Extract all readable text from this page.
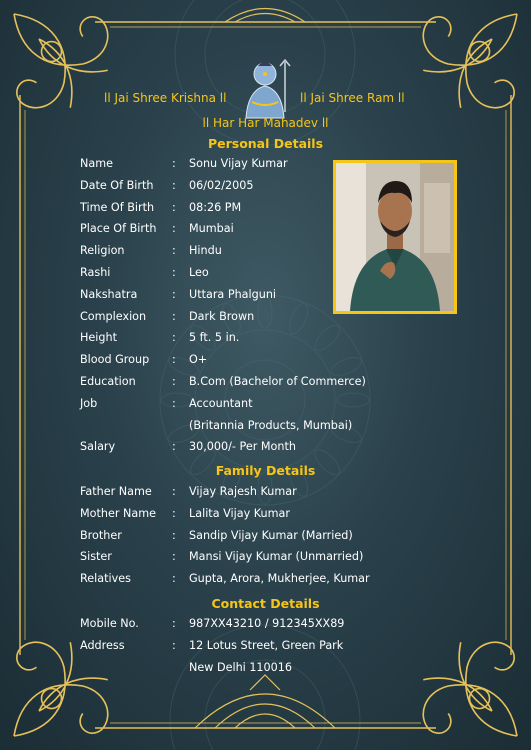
ll Jai Shree Krishna ll	ll Jai Shree Ram ll
ll Har Har Mahadev ll
Personal Details
Family Details
Contact Details
Name	: Sonu Vijay Kumar
Date Of Birth : 06/02/2005
Time Of Birth : 08:26 PM
Place Of Birth : Mumbai
Religion	: Hindu
Rashi	: Leo
Nakshatra	: Uttara Phalguni
Complexion : Dark Brown
Height	: 5 ft. 5 in.
Blood Group : O+
Education	: B.Com (Bachelor of Commerce)
Job	: Accountant
(Britannia Products, Mumbai)
Salary	: 30,000/- Per Month
Father Name : Vijay Rajesh Kumar
Mother Name : Lalita Vijay Kumar
Brother	: Sandip Vijay Kumar (Married)
Sister	: Mansi Vijay Kumar (Unmarried)
Relatives	: Gupta, Arora, Mukherjee, Kumar
Mobile No.	: 987XX43210 / 912345XX89
Address	: 12 Lotus Street, Green Park
New Delhi 110016
